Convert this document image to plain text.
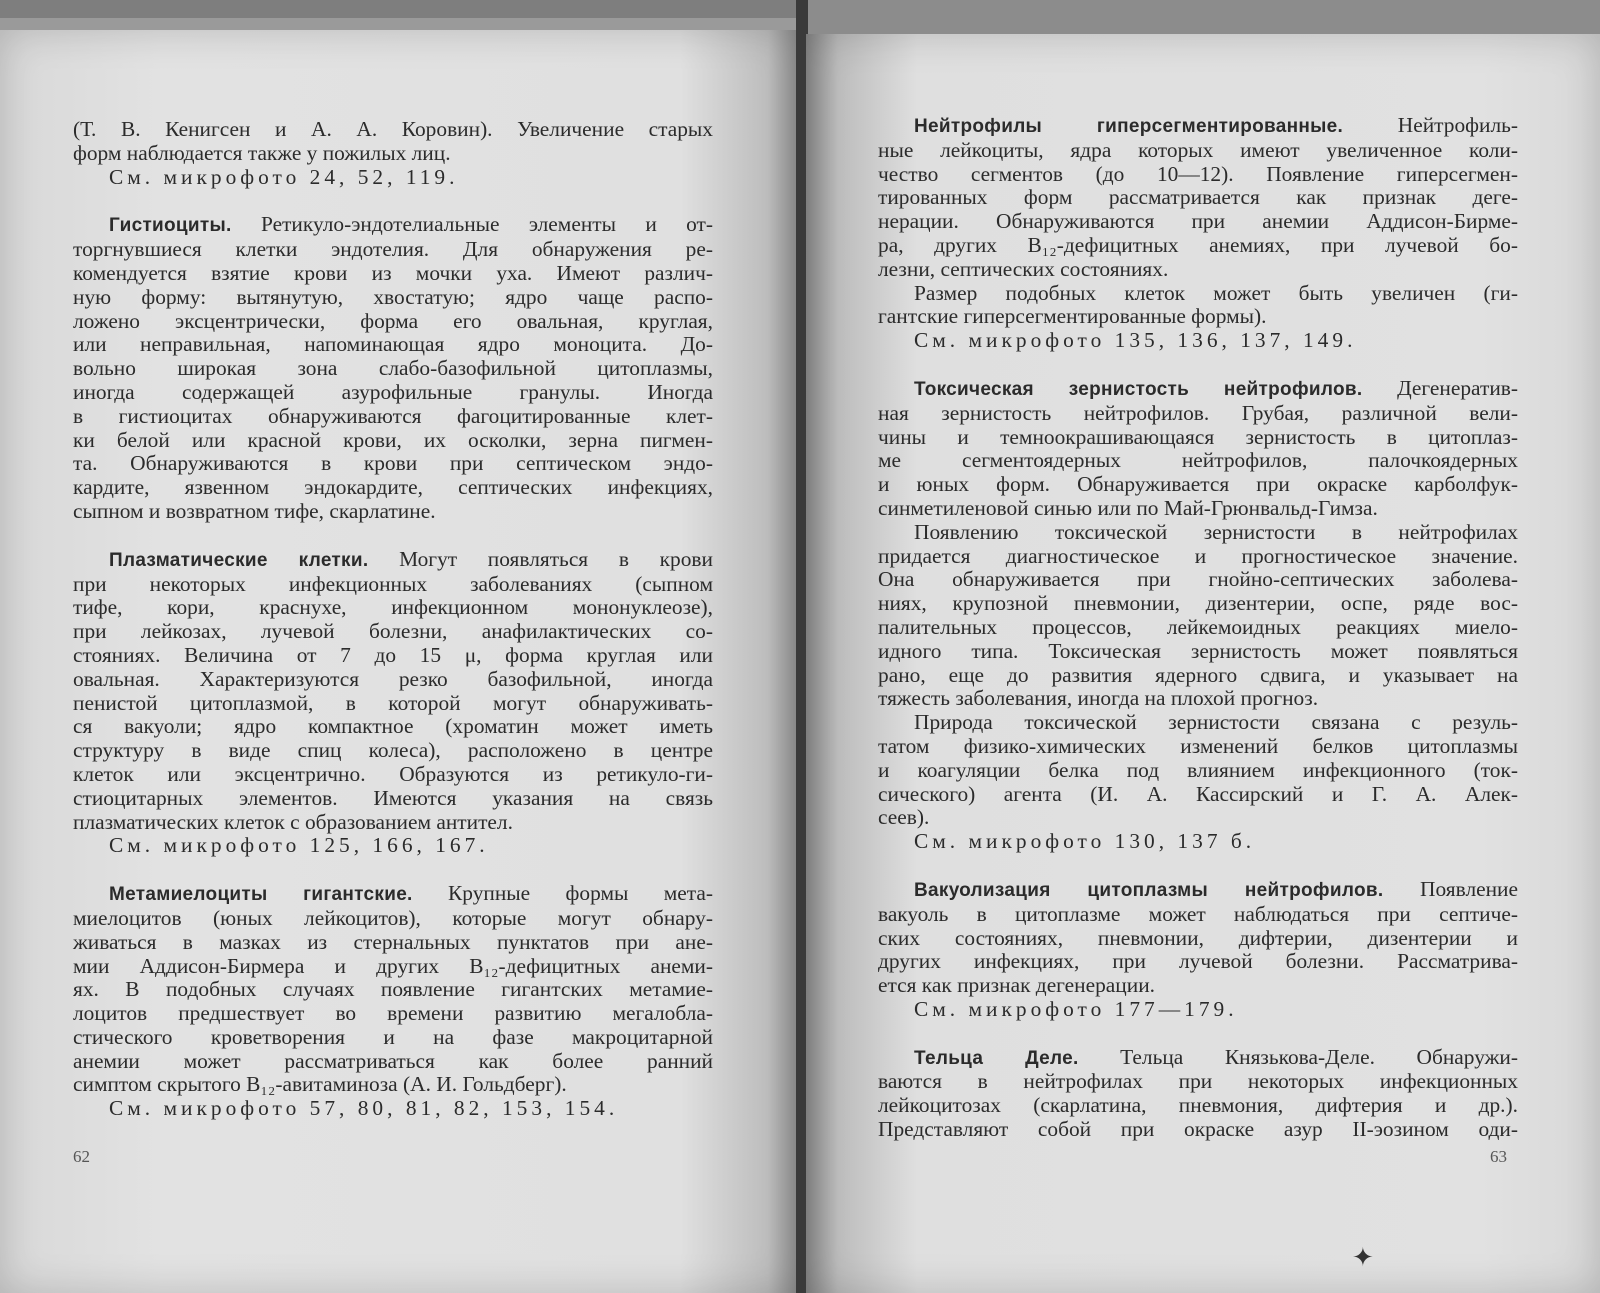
(Т. В. Кенигсен и А. А. Коровин). Увеличение старых

форм наблюдается также у пожилых лиц.

См. микрофото 24, 52, 119.

Гистиоциты. Ретикуло-эндотелиальные элементы и от-

торгнувшиеся клетки эндотелия. Для обнаружения ре-

комендуется взятие крови из мочки уха. Имеют различ-

ную форму: вытянутую, хвостатую; ядро чаще распо-

ложено эксцентрически, форма его овальная, круглая,

или неправильная, напоминающая ядро моноцита. До-

вольно широкая зона слабо-базофильной цитоплазмы,

иногда содержащей азурофильные гранулы. Иногда

в гистиоцитах обнаруживаются фагоцитированные клет-

ки белой или красной крови, их осколки, зерна пигмен-

та. Обнаруживаются в крови при септическом эндо-

кардите, язвенном эндокардите, септических инфекциях,

сыпном и возвратном тифе, скарлатине.

Плазматические клетки. Могут появляться в крови

при некоторых инфекционных заболеваниях (сыпном

тифе, кори, краснухе, инфекционном мононуклеозе),

при лейкозах, лучевой болезни, анафилактических со-

стояниях. Величина от 7 до 15 μ, форма круглая или

овальная. Характеризуются резко базофильной, иногда

пенистой цитоплазмой, в которой могут обнаруживать-

ся вакуоли; ядро компактное (хроматин может иметь

структуру в виде спиц колеса), расположено в центре

клеток или эксцентрично. Образуются из ретикуло-ги-

стиоцитарных элементов. Имеются указания на связь

плазматических клеток с образованием антител.

См. микрофото 125, 166, 167.

Метамиелоциты гигантские. Крупные формы мета-

миелоцитов (юных лейкоцитов), которые могут обнару-

живаться в мазках из стернальных пунктатов при ане-

мии Аддисон-Бирмера и других В₁₂-дефицитных анеми-

ях. В подобных случаях появление гигантских метамие-

лоцитов предшествует во времени развитию мегалобла-

стического кроветворения и на фазе макроцитарной

анемии может рассматриваться как более ранний

симптом скрытого В₁₂-авитаминоза (А. И. Гольдберг).

См. микрофото 57, 80, 81, 82, 153, 154.

62

Нейтрофилы гиперсегментированные.	Нейтрофиль-

ные лейкоциты, ядра которых имеют увеличенное коли-

чество сегментов (до 10—12). Появление гиперсегмен-

тированных форм рассматривается как признак деге-

нерации. Обнаруживаются при анемии Аддисон-Бирме-

ра, других В₁₂-дефицитных анемиях, при лучевой бо-

лезни, септических состояниях.

Размер подобных клеток может быть увеличен (ги-

гантские гиперсегментированные формы).

См. микрофото 135, 136, 137, 149.

Токсическая зернистость нейтрофилов. Дегенератив-

ная зернистость нейтрофилов. Грубая, различной вели-

чины и темноокрашивающаяся зернистость в цитоплаз-

ме сегментоядерных нейтрофилов, палочкоядерных

и юных форм. Обнаруживается при окраске карболфук-

синметиленовой синью или по Май-Грюнвальд-Гимза.

Появлению токсической зернистости в нейтрофилах

придается диагностическое и прогностическое значение.

Она обнаруживается при гнойно-септических заболева-

ниях, крупозной пневмонии, дизентерии, оспе, ряде вос-

палительных процессов, лейкемоидных реакциях миело-

идного типа. Токсическая зернистость может появляться

рано, еще до развития ядерного сдвига, и указывает на

тяжесть заболевания, иногда на плохой прогноз.

Природа токсической зернистости связана с резуль-

татом физико-химических изменений белков цитоплазмы

и коагуляции белка под влиянием инфекционного (ток-

сического) агента (И. А. Кассирский и Г. А. Алек-

сеев).

См. микрофото 130, 137 б.

Вакуолизация цитоплазмы нейтрофилов. Появление

вакуоль в цитоплазме может наблюдаться при септиче-

ских состояниях, пневмонии, дифтерии, дизентерии и

других инфекциях, при лучевой болезни. Рассматрива-

ется как признак дегенерации.

См. микрофото 177—179.

Тельца Деле. Тельца Князькова-Деле. Обнаружи-

ваются в нейтрофилах при некоторых инфекционных

лейкоцитозах (скарлатина, пневмония, дифтерия и др.).

Представляют собой при окраске азур II-эозином оди-

63
✦
